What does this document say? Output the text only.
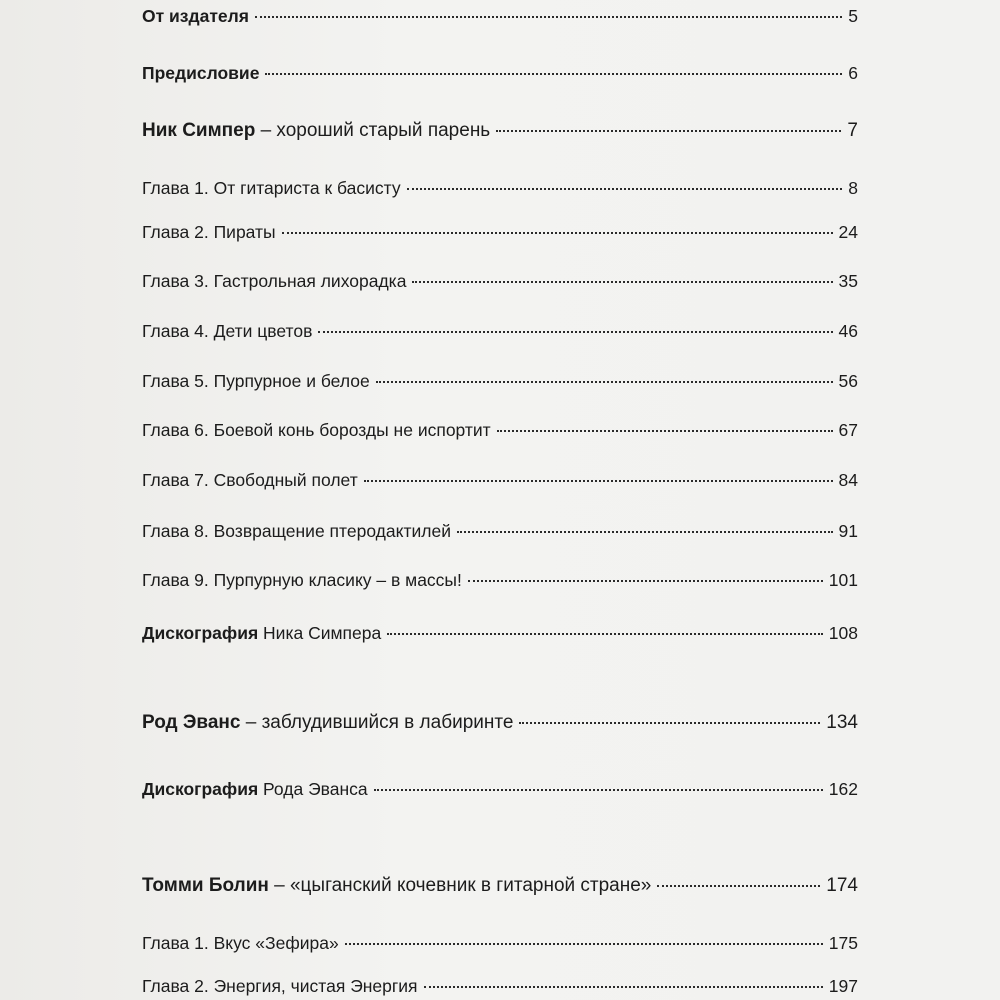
От издателя	5
Предисловие	6
Ник Симпер – хороший старый парень	7
Глава 1. От гитариста к басисту	8
Глава 2. Пираты	24
Глава 3. Гастрольная лихорадка	35
Глава 4. Дети цветов	46
Глава 5. Пурпурное и белое	56
Глава 6. Боевой конь борозды не испортит	67
Глава 7. Свободный полет	84
Глава 8. Возвращение птеродактилей	91
Глава 9. Пурпурную класику – в массы!	101
Дискография Ника Симпера	108
Род Эванс – заблудившийся в лабиринте	134
Дискография Рода Эванса	162
Томми Болин – «цыганский кочевник в гитарной стране»	174
Глава 1. Вкус «Зефира»	175
Глава 2. Энергия, чистая Энергия	197
